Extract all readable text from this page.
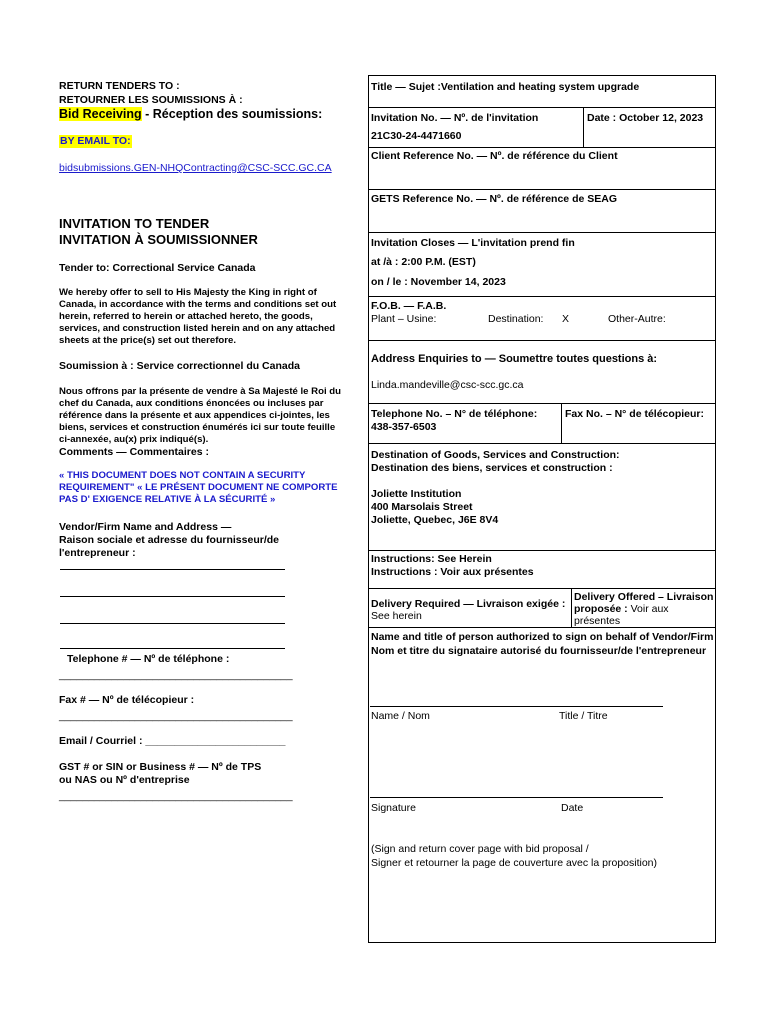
RETURN TENDERS TO :
RETOURNER LES SOUMISSIONS À :
Bid Receiving - Réception des soumissions:
BY EMAIL TO:
bidsubmissions.GEN-NHQContracting@CSC-SCC.GC.CA
INVITATION TO TENDER
INVITATION À SOUMISSIONNER
Tender to: Correctional Service Canada
We hereby offer to sell to His Majesty the King in right of Canada, in accordance with the terms and conditions set out herein, referred to herein or attached hereto, the goods, services, and construction listed herein and on any attached sheets at the price(s) set out therefore.
Soumission à : Service correctionnel du Canada
Nous offrons par la présente de vendre à Sa Majesté le Roi du chef du Canada, aux conditions énoncées ou incluses par référence dans la présente et aux appendices ci-jointes, les biens, services et construction énumérés ici sur toute feuille ci-annexée, au(x) prix indiqué(s).
Comments — Commentaires :
« THIS DOCUMENT DOES NOT CONTAIN A SECURITY REQUIREMENT" « LE PRÉSENT DOCUMENT NE COMPORTE PAS D' EXIGENCE RELATIVE À LA SÉCURITÉ »
Vendor/Firm Name and Address —
Raison sociale et adresse du fournisseur/de l'entrepreneur :
Telephone # — Nº de téléphone :
________________________________________
Fax # — Nº de télécopieur :
________________________________________
Email / Courriel : ________________________
GST # or SIN or Business # — Nº de TPS
ou NAS ou Nº d'entreprise
________________________________________
Title — Sujet :Ventilation and heating system upgrade
Invitation No. — Nº. de l'invitation
21C30-24-4471660
Date : October 12, 2023
Client Reference No. — Nº. de référence du Client
GETS Reference No. — Nº. de référence de SEAG
Invitation Closes — L'invitation prend fin
at /à : 2:00 P.M. (EST)
on / le : November 14, 2023
F.O.B. — F.A.B.
Plant – Usine:	Destination: X	Other-Autre:
Address Enquiries to — Soumettre toutes questions à:
Linda.mandeville@csc-scc.gc.ca
Telephone No. – N° de téléphone:
438-357-6503
Fax No. – N° de télécopieur:
Destination of Goods, Services and Construction:
Destination des biens, services et construction :
Joliette Institution
400 Marsolais Street
Joliette, Quebec, J6E 8V4
Instructions: See Herein
Instructions : Voir aux présentes
Delivery Required — Livraison exigée :
See herein
Delivery Offered – Livraison
proposée : Voir aux
présentes
Name and title of person authorized to sign on behalf of Vendor/Firm
Nom et titre du signataire autorisé du fournisseur/de l'entrepreneur
Name / Nom	Title / Titre
Signature	Date
(Sign and return cover page with bid proposal /
Signer et retourner la page de couverture avec la proposition)
